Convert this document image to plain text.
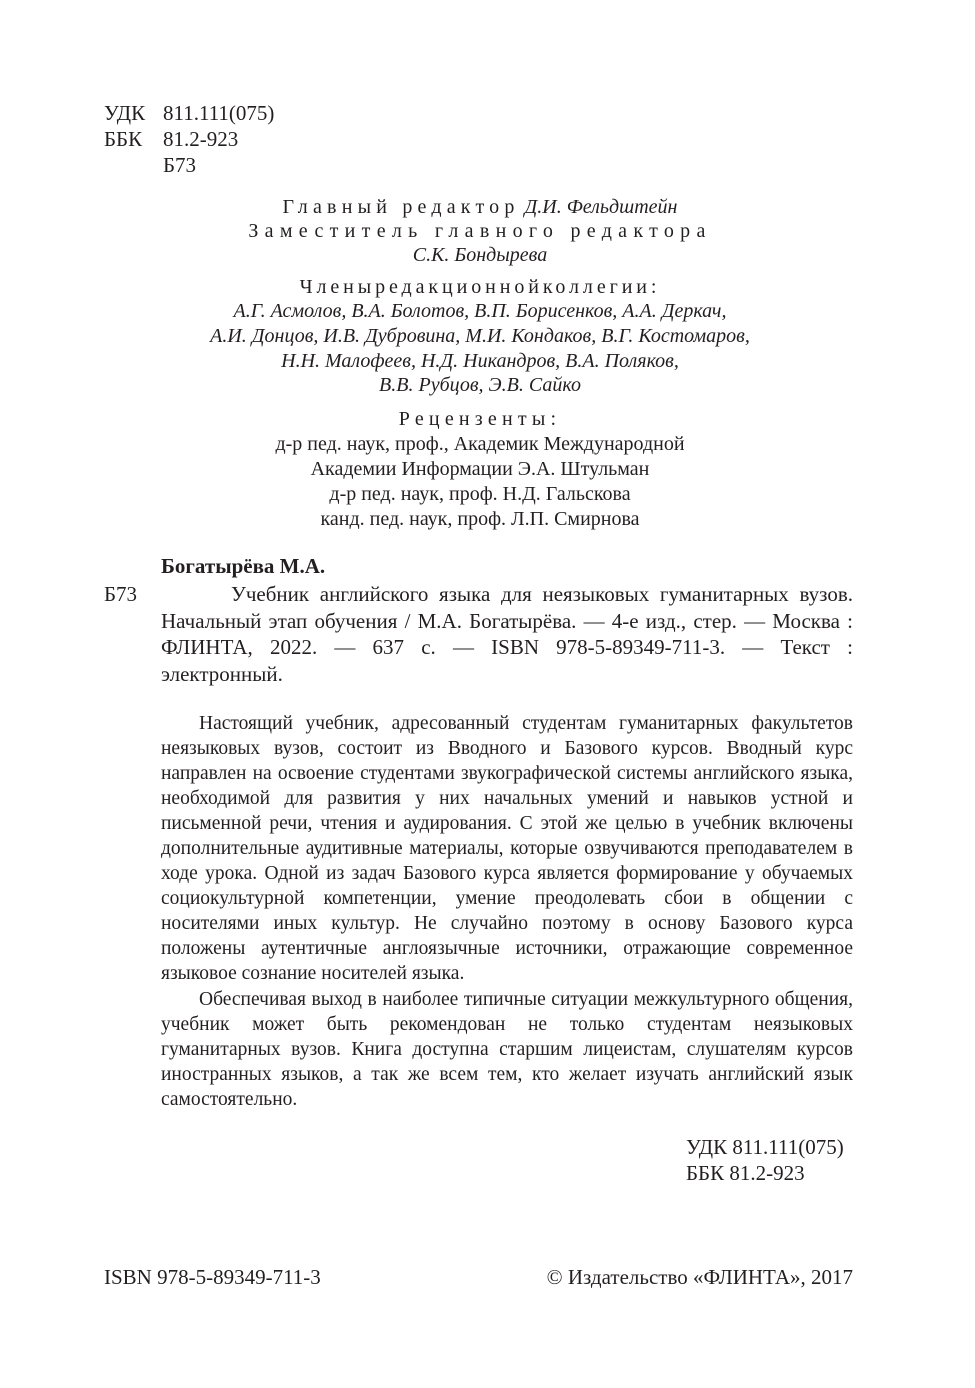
УДК 811.111(075)
ББК 81.2-923
Б73
Главный редактор Д.И. Фельдштейн
Заместитель главного редактора
С.К. Бондырева
Членыредакционнойколлегии:
А.Г. Асмолов, В.А. Болотов, В.П. Борисенков, А.А. Деркач,
А.И. Донцов, И.В. Дубровина, М.И. Кондаков, В.Г. Костомаров,
Н.Н. Малофеев, Н.Д. Никандров, В.А. Поляков,
В.В. Рубцов, Э.В. Сайко
Рецензенты:
д-р пед. наук, проф., Академик Международной
Академии Информации Э.А. Штульман
д-р пед. наук, проф. Н.Д. Гальскова
канд. пед. наук, проф. Л.П. Смирнова
Богатырёва М.А.
Б73	Учебник английского языка для неязыковых гуманитарных вузов. Начальный этап обучения / М.А. Богатырёва. — 4-е изд., стер. — Москва : ФЛИНТА, 2022. — 637 с. — ISBN 978-5-89349-711-3. — Текст : электронный.

Настоящий учебник, адресованный студентам гуманитарных факультетов неязыковых вузов, состоит из Вводного и Базового курсов. Вводный курс направлен на освоение студентами звукографической системы английского языка, необходимой для развития у них начальных умений и навыков устной и письменной речи, чтения и аудирования. С этой же целью в учебник включены дополнительные аудитивные материалы, которые озвучиваются преподавателем в ходе урока. Одной из задач Базового курса является формирование у обучаемых социокультурной компетенции, умение преодолевать сбои в общении с носителями иных культур. Не случайно поэтому в основу Базового курса положены аутентичные англоязычные источники, отражающие современное языковое сознание носителей языка.

Обеспечивая выход в наиболее типичные ситуации межкультурного общения, учебник может быть рекомендован не только студентам неязыковых гуманитарных вузов. Книга доступна старшим лицеистам, слушателям курсов иностранных языков, а так же всем тем, кто желает изучать английский язык самостоятельно.

УДК 811.111(075)
ББК 81.2-923
ISBN 978-5-89349-711-3	© Издательство «ФЛИНТА», 2017
